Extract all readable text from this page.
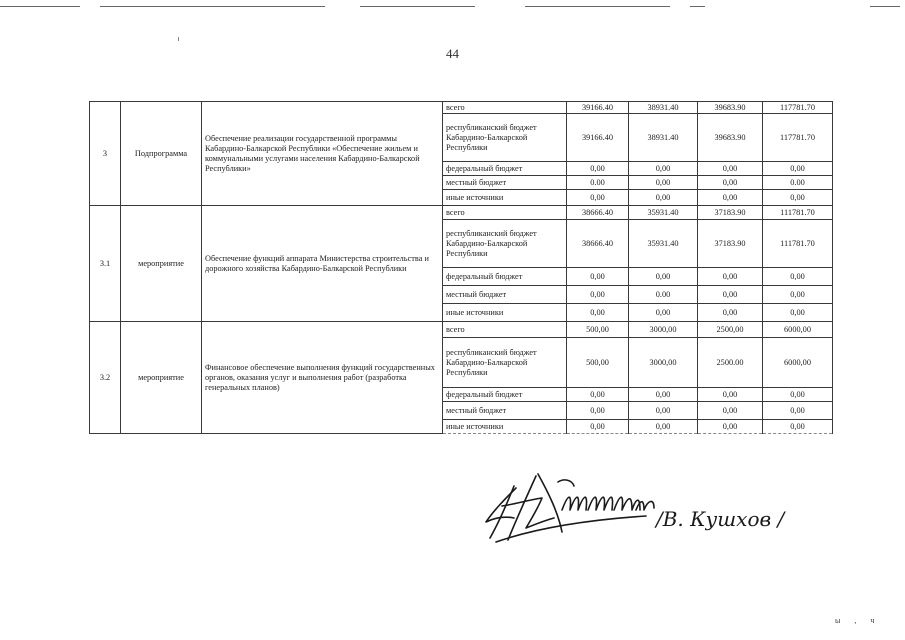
44
3	Подпрограмма	Обеспечение реализации государственной программы Кабардино-Балкарской Республики «Обеспечение жильем и коммунальными услугами населения Кабардино-Балкарской Республики»	всего	39166.40	38931.40	39683.90	117781.70
			республиканский бюджет Кабардино-Балкарской Республики	39166.40	38931.40	39683.90	117781.70
			федеральный бюджет	0,00	0,00	0,00	0,00
			местный бюджет	0.00	0,00	0,00	0.00
			иные источники	0,00	0,00	0,00	0,00
3.1	мероприятие	Обеспечение функций аппарата Министерства строительства и дорожного хозяйства Кабардино-Балкарской Республики	всего	38666.40	35931.40	37183.90	111781.70
			республиканский бюджет Кабардино-Балкарской Республики	38666.40	35931.40	37183.90	111781.70
			федеральный бюджет	0,00	0,00	0,00	0,00
			местный бюджет	0,00	0.00	0,00	0,00
			иные источники	0,00	0,00	0,00	0,00
3.2	мероприятие	Финансовое обеспечение выполнения функций государственных органов, оказания услуг и выполнения работ (разработка генеральных планов)	всего	500,00	3000,00	2500,00	6000,00
			республиканский бюджет Кабардино-Балкарской Республики	500,00	3000,00	2500.00	6000,00
			федеральный бюджет	0,00	0,00	0,00	0,00
			местный бюджет	0,00	0,00	0,00	0,00
			иные источники	0,00	0,00	0,00	0,00
/В. Кушхов /
ы , ч
